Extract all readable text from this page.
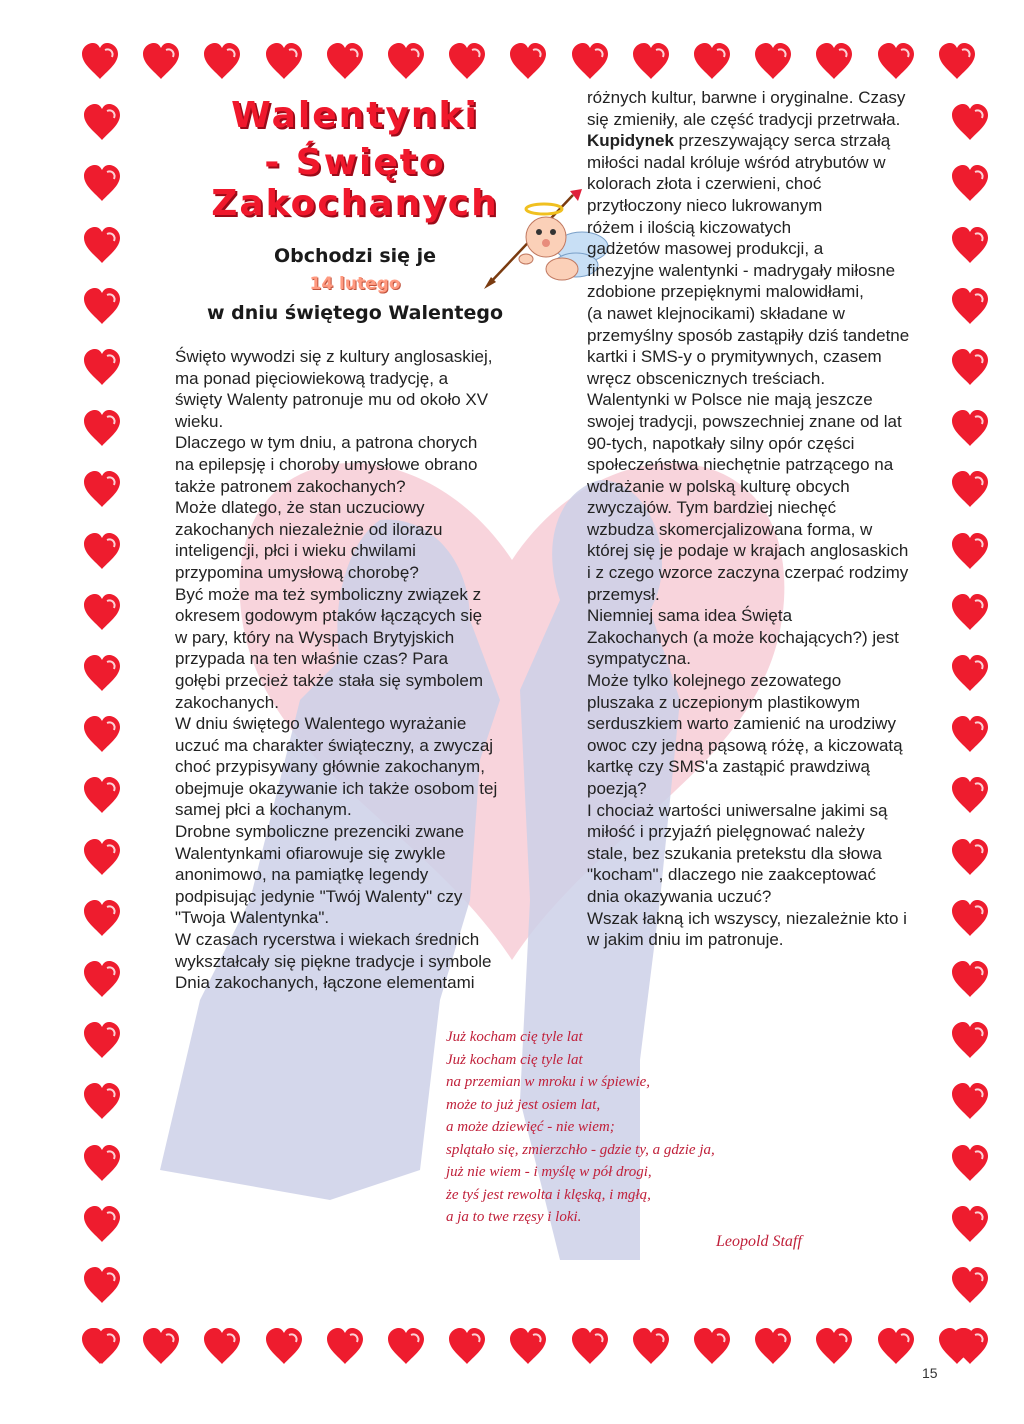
Walentynki
- Święto
Zakochanych
Obchodzi się je
14 lutego
w dniu świętego Walentego

Święto wywodzi się z kultury anglosaskiej,
ma ponad pięciowiekową tradycję, a
święty Walenty patronuje mu od około XV
wieku.
Dlaczego w tym dniu, a patrona chorych
na epilepsję i choroby umysłowe obrano
także patronem zakochanych?
Może dlatego, że stan uczuciowy
zakochanych niezależnie od ilorazu
inteligencji, płci i wieku chwilami
przypomina umysłową chorobę?
Być może ma też symboliczny związek z
okresem godowym ptaków łączących się
w pary, który na Wyspach Brytyjskich
przypada na ten właśnie czas? Para
gołębi przecież także stała się symbolem
zakochanych.
W dniu świętego Walentego wyrażanie
uczuć ma charakter świąteczny, a zwyczaj
choć przypisywany głównie zakochanym,
obejmuje okazywanie ich także osobom tej
samej płci a kochanym.
Drobne symboliczne prezenciki zwane
Walentynkami ofiarowuje się zwykle
anonimowo, na pamiątkę legendy
podpisując jedynie "Twój Walenty" czy
"Twoja Walentynka".
W czasach rycerstwa i wiekach średnich
wykształcały się piękne tradycje i symbole
Dnia zakochanych, łączone elementami

różnych kultur, barwne i oryginalne. Czasy
się zmieniły, ale część tradycji przetrwała.
Kupidynek przeszywający serca strzałą
miłości nadal króluje wśród atrybutów w
kolorach złota i czerwieni, choć
przytłoczony nieco lukrowanym
różem i ilością kiczowatych
gadżetów masowej produkcji, a
finezyjne walentynki - madrygały miłosne
zdobione przepięknymi malowidłami,
(a nawet klejnocikami) składane w
przemyślny sposób zastąpiły dziś tandetne
kartki i SMS-y o prymitywnych, czasem
wręcz obscenicznych treściach.
Walentynki w Polsce nie mają jeszcze
swojej tradycji, powszechniej znane od lat
90-tych, napotkały silny opór części
społeczeństwa niechętnie patrzącego na
wdrażanie w polską kulturę obcych
zwyczajów. Tym bardziej niechęć
wzbudza skomercjalizowana forma, w
której się je podaje w krajach anglosaskich
i z czego wzorce zaczyna czerpać rodzimy
przemysł.
Niemniej sama idea Święta
Zakochanych (a może kochających?) jest
sympatyczna.
Może tylko kolejnego zezowatego
pluszaka z uczepionym plastikowym
serduszkiem warto zamienić na urodziwy
owoc czy jedną pąsową różę, a kiczowatą
kartkę czy SMS'a zastąpić prawdziwą
poezją?
I chociaż wartości uniwersalne jakimi są
miłość i przyjaźń pielęgnować należy
stale, bez szukania pretekstu dla słowa
"kocham", dlaczego nie zaakceptować
dnia okazywania uczuć?
Wszak łakną ich wszyscy, niezależnie kto i
w jakim dniu im patronuje.
Już kocham cię tyle lat
Już kocham cię tyle lat
na przemian w mroku i w śpiewie,
może to już jest osiem lat,
a może dziewięć - nie wiem;
splątało się, zmierzchło - gdzie ty, a gdzie ja,
już nie wiem - i myślę w pół drogi,
że tyś jest rewolta i klęską, i mgłą,
a ja to twe rzęsy i loki.
Leopold Staff
15
